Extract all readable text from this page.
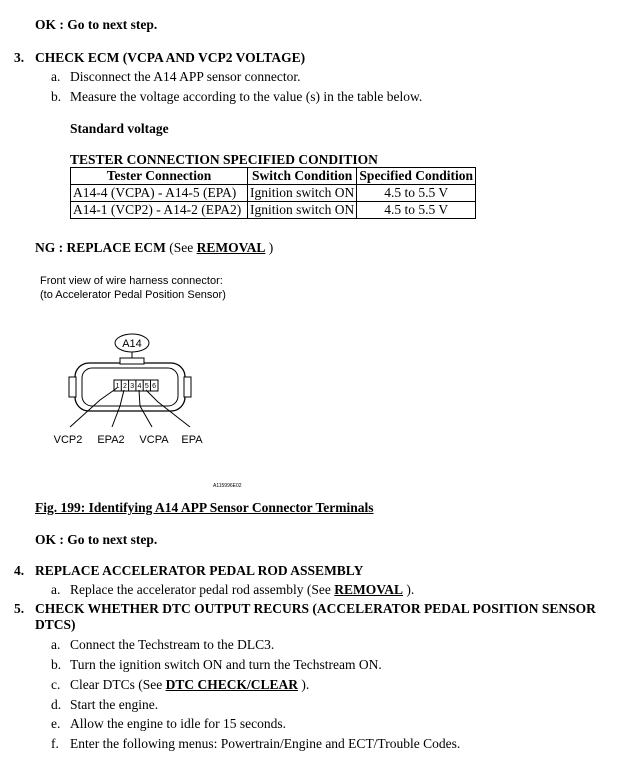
OK : Go to next step.
3. CHECK ECM (VCPA AND VCP2 VOLTAGE)
a. Disconnect the A14 APP sensor connector.
b. Measure the voltage according to the value (s) in the table below.
Standard voltage
TESTER CONNECTION SPECIFIED CONDITION
Tester Connection	Switch Condition	Specified Condition
A14-4 (VCPA) - A14-5 (EPA)	Ignition switch ON	4.5 to 5.5 V
A14-1 (VCP2) - A14-2 (EPA2)	Ignition switch ON	4.5 to 5.5 V
NG : REPLACE ECM (See REMOVAL )
Front view of wire harness connector:
(to Accelerator Pedal Position Sensor)
A14
1 2 3 4 5 6
VCP2 EPA2 VCPA EPA
A115996E02
Fig. 199: Identifying A14 APP Sensor Connector Terminals
OK : Go to next step.
4. REPLACE ACCELERATOR PEDAL ROD ASSEMBLY
a. Replace the accelerator pedal rod assembly (See REMOVAL ).
5. CHECK WHETHER DTC OUTPUT RECURS (ACCELERATOR PEDAL POSITION SENSOR
DTCS)
a. Connect the Techstream to the DLC3.
b. Turn the ignition switch ON and turn the Techstream ON.
c. Clear DTCs (See DTC CHECK/CLEAR ).
d. Start the engine.
e. Allow the engine to idle for 15 seconds.
f. Enter the following menus: Powertrain/Engine and ECT/Trouble Codes.
